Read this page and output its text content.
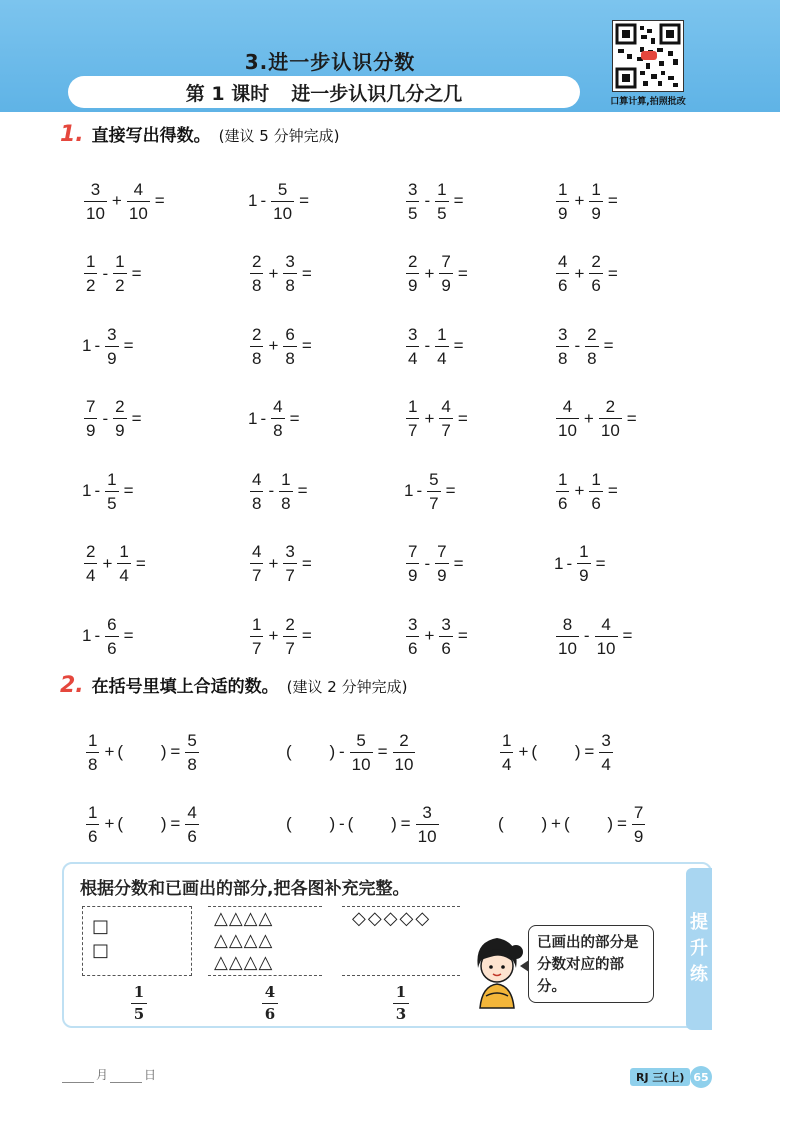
3.进一步认识分数
第 1 课时 进一步认识几分之几	口算计算,拍照批改
1. 直接写出得数。 (建议 5 分钟完成)
$\frac{3}{10} + \frac{4}{10}$ =	$1 - \frac{5}{10}$ =	$\frac{3}{5} - \frac{1}{5}$ =	$\frac{1}{9} + \frac{1}{9}$ =
$\frac{1}{2} - \frac{1}{2}$ =	$\frac{2}{8} + \frac{3}{8}$ =	$\frac{2}{9} + \frac{7}{9}$ =	$\frac{4}{6} + \frac{2}{6}$ =
$1 - \frac{3}{9}$ =	$\frac{2}{8} + \frac{6}{8}$ =	$\frac{3}{4} - \frac{1}{4}$ =	$\frac{3}{8} - \frac{2}{8}$ =
$\frac{7}{9} - \frac{2}{9}$ =	$1 - \frac{4}{8}$ =	$\frac{1}{7} + \frac{4}{7}$ =	$\frac{4}{10} + \frac{2}{10}$ =
$1 - \frac{1}{5}$ =	$\frac{4}{8} - \frac{1}{8}$ =	$1 - \frac{5}{7}$ =	$\frac{1}{6} + \frac{1}{6}$ =
$\frac{2}{4} + \frac{1}{4}$ =	$\frac{4}{7} + \frac{3}{7}$ =	$\frac{7}{9} - \frac{7}{9}$ =	$1 - \frac{1}{9}$ =
$1 - \frac{6}{6}$ =	$\frac{1}{7} + \frac{2}{7}$ =	$\frac{3}{6} + \frac{3}{6}$ =	$\frac{8}{10} - \frac{4}{10}$ =
2. 在括号里填上合适的数。 (建议 2 分钟完成)
$\frac{1}{8}$ + (        ) = $\frac{5}{8}$	(        ) - $\frac{5}{10} = \frac{2}{10}$	$\frac{1}{4}$ + (        ) = $\frac{3}{4}$
$\frac{1}{6}$ + (        ) = $\frac{4}{6}$	(        ) - (        ) = $\frac{3}{10}$	(        ) + (        ) = $\frac{7}{9}$
根据分数和已画出的部分,把各图补充完整。
□
□
△△△△
△△△△
△△△△
◇◇◇◇◇
$\frac{1}{5}$	$\frac{4}{6}$	$\frac{1}{3}$
已画出的部分是分数对应的部分。
提
升
练
月	日	RJ 三(上) 65
